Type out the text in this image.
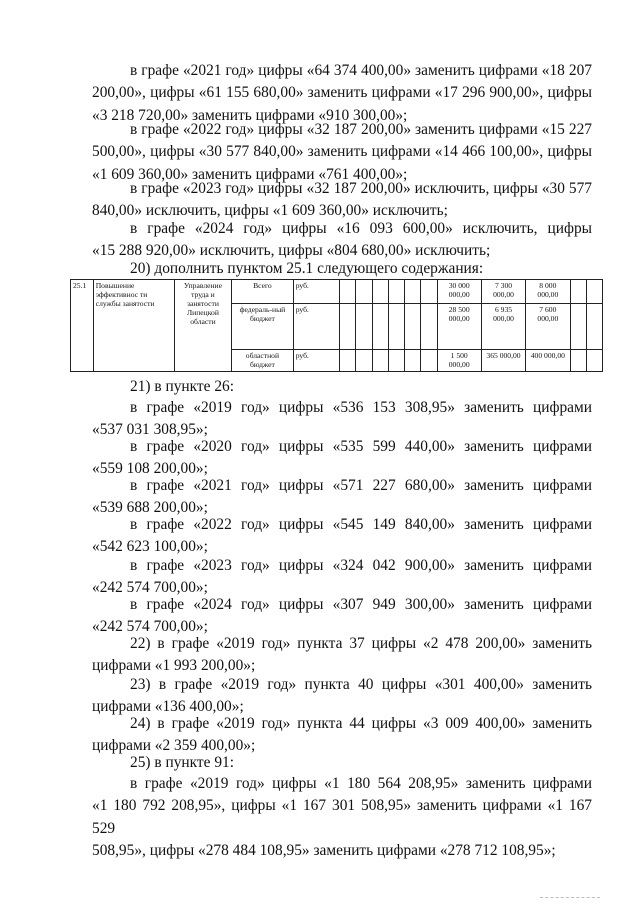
в графе «2021 год» цифры «64 374 400,00» заменить цифрами «18 207
200,00», цифры «61 155 680,00» заменить цифрами «17 296 900,00», цифры
«3 218 720,00» заменить цифрами «910 300,00»;

в графе «2022 год» цифры «32 187 200,00» заменить цифрами «15 227
500,00», цифры «30 577 840,00» заменить цифрами «14 466 100,00», цифры
«1 609 360,00» заменить цифрами «761 400,00»;

в графе «2023 год» цифры «32 187 200,00» исключить, цифры «30 577
840,00» исключить, цифры «1 609 360,00» исключить;

в графе «2024 год» цифры «16 093 600,00» исключить, цифры
«15 288 920,00» исключить, цифры «804 680,00» исключить;

20) дополнить пунктом 25.1 следующего содержания:

25.1	Повышение эффективнос ти службы занятости	Управление труда и занятости Липецкой области	Всего	руб.							30 000 000,00	7 300 000,00	8 000 000,00		
			федераль-ный бюджет	руб.							28 500 000,00	6 935 000,00	7 600 000,00		
			областной бюджет	руб.							1 500 000,00	365 000,00	400 000,00		

21) в пункте 26:

в графе «2019 год» цифры «536 153 308,95» заменить цифрами
«537 031 308,95»;

в графе «2020 год» цифры «535 599 440,00» заменить цифрами
«559 108 200,00»;

в графе «2021 год» цифры «571 227 680,00» заменить цифрами
«539 688 200,00»;

в графе «2022 год» цифры «545 149 840,00» заменить цифрами
«542 623 100,00»;

в графе «2023 год» цифры «324 042 900,00» заменить цифрами
«242 574 700,00»;

в графе «2024 год» цифры «307 949 300,00» заменить цифрами
«242 574 700,00»;

22) в графе «2019 год» пункта 37 цифры «2 478 200,00» заменить
цифрами «1 993 200,00»;

23) в графе «2019 год» пункта 40 цифры «301 400,00» заменить
цифрами «136 400,00»;

24) в графе «2019 год» пункта 44 цифры «3 009 400,00» заменить
цифрами «2 359 400,00»;

25) в пункте 91:

в графе «2019 год» цифры «1 180 564 208,95» заменить цифрами
«1 180 792 208,95», цифры «1 167 301 508,95» заменить цифрами «1 167 529
508,95», цифры «278 484 108,95» заменить цифрами «278 712 108,95»;
